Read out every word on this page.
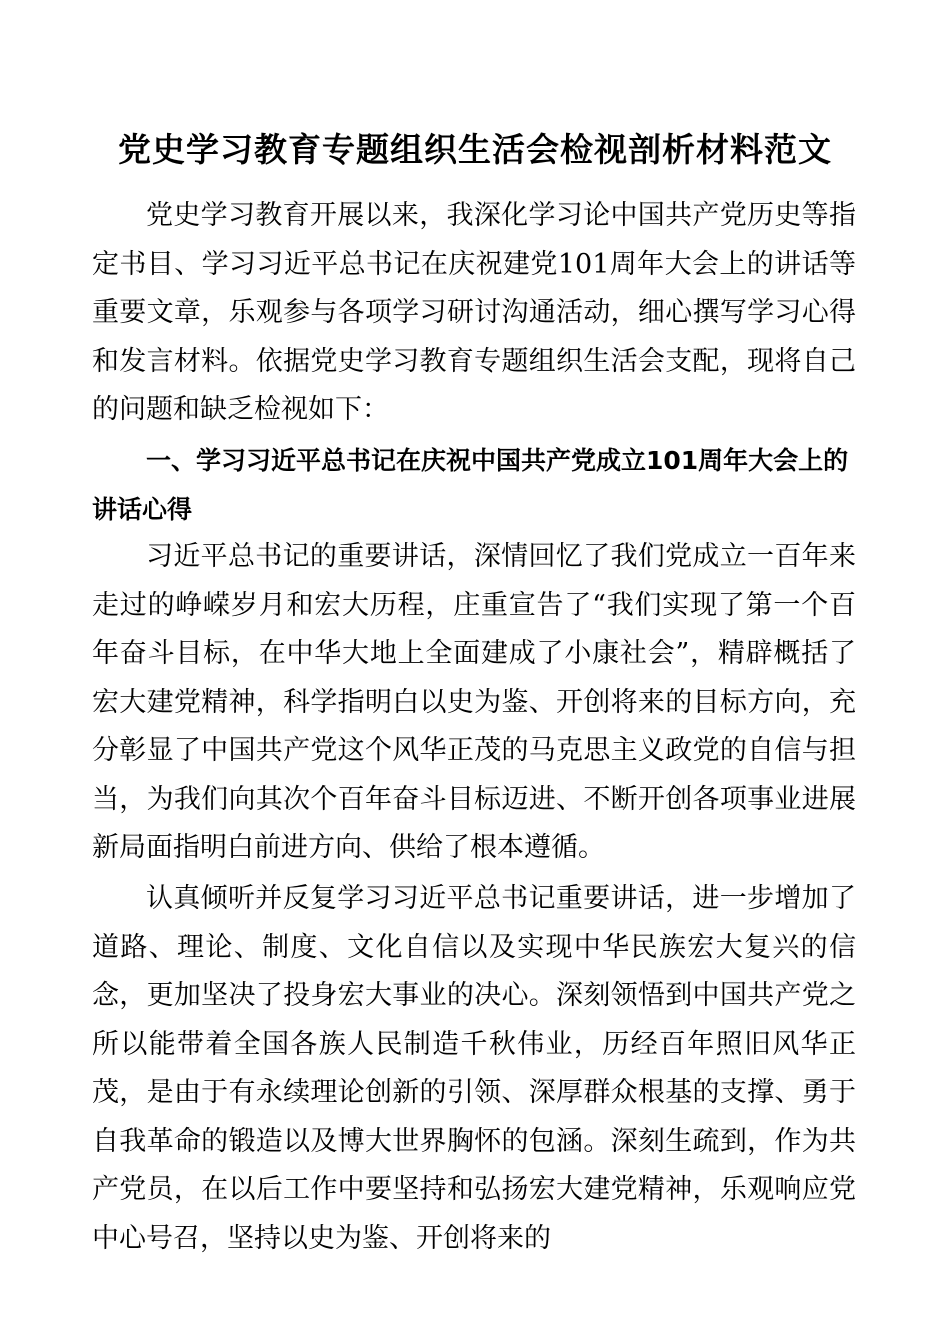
党史学习教育专题组织生活会检视剖析材料范文

党史学习教育开展以来，我深化学习论中国共产党历史等指定书目、学习习近平总书记在庆祝建党101周年大会上的讲话等重要文章，乐观参与各项学习研讨沟通活动，细心撰写学习心得和发言材料。依据党史学习教育专题组织生活会支配，现将自己的问题和缺乏检视如下：

一、学习习近平总书记在庆祝中国共产党成立101周年大会上的讲话心得

习近平总书记的重要讲话，深情回忆了我们党成立一百年来走过的峥嵘岁月和宏大历程，庄重宣告了“我们实现了第一个百年奋斗目标，在中华大地上全面建成了小康社会”，精辟概括了宏大建党精神，科学指明白以史为鉴、开创将来的目标方向，充分彰显了中国共产党这个风华正茂的马克思主义政党的自信与担当，为我们向其次个百年奋斗目标迈进、不断开创各项事业进展新局面指明白前进方向、供给了根本遵循。

认真倾听并反复学习习近平总书记重要讲话，进一步增加了道路、理论、制度、文化自信以及实现中华民族宏大复兴的信念，更加坚决了投身宏大事业的决心。深刻领悟到中国共产党之所以能带着全国各族人民制造千秋伟业，历经百年照旧风华正茂，是由于有永续理论创新的引领、深厚群众根基的支撑、勇于自我革命的锻造以及博大世界胸怀的包涵。深刻生疏到，作为共产党员，在以后工作中要坚持和弘扬宏大建党精神，乐观响应党中心号召，坚持以史为鉴、开创将来的
